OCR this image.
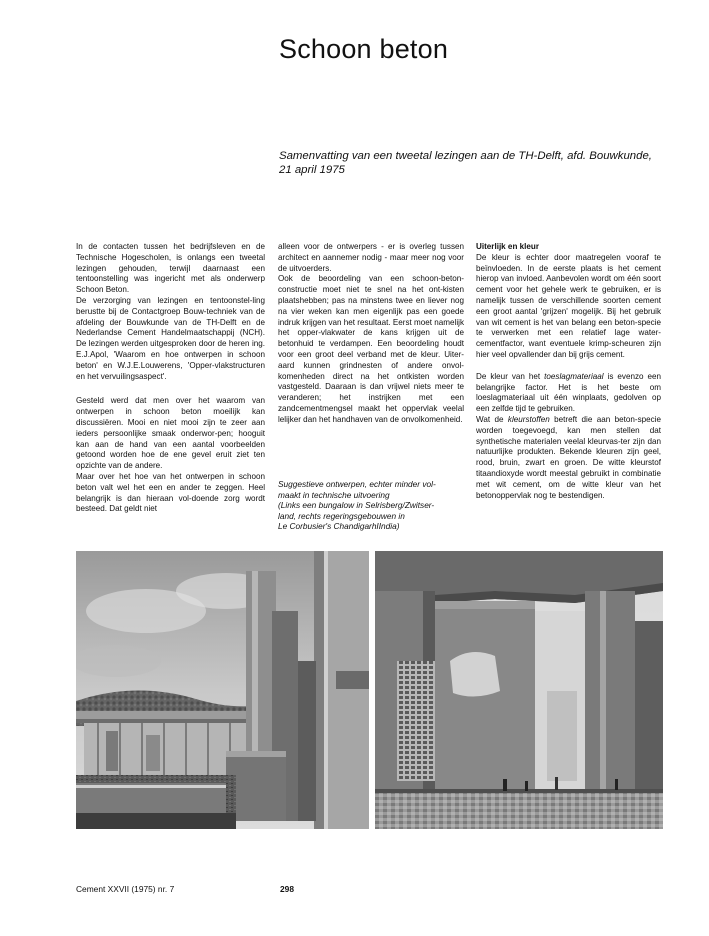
Schoon beton
Samenvatting van een tweetal lezingen aan de TH-Delft, afd. Bouwkunde,
21 april 1975

In de contacten tussen het bedrijfsleven en de Technische Hogescholen, is onlangs een tweetal lezingen gehouden, terwijl daarnaast een tentoonstelling was ingericht met als onderwerp Schoon Beton.

De verzorging van lezingen en tentoonstel-ling berustte bij de Contactgroep Bouw-techniek van de afdeling der Bouwkunde van de TH-Delft en de Nederlandse Cement Handelmaatschappij (NCH). De lezingen werden uitgesproken door de heren ing. E.J.Apol, 'Waarom en hoe ontwerpen in schoon beton' en W.J.E.Louwerens, 'Opper-vlakstructuren en het vervuilingsaspect'.

Gesteld werd dat men over het waarom van ontwerpen in schoon beton moeilijk kan discussiëren. Mooi en niet mooi zijn te zeer aan ieders persoonlijke smaak onderwor-pen; hooguit kan aan de hand van een aantal voorbeelden getoond worden hoe de ene gevel eruit ziet ten opzichte van de andere.

Maar over het hoe van het ontwerpen in schoon beton valt wel het een en ander te zeggen. Heel belangrijk is dan hieraan vol-doende zorg wordt besteed. Dat geldt niet

alleen voor de ontwerpers - er is overleg tussen architect en aannemer nodig - maar meer nog voor de uitvoerders.

Ook de beoordeling van een schoon-beton-constructie moet niet te snel na het ont-kisten plaatshebben; pas na minstens twee en liever nog na vier weken kan men eigenlijk pas een goede indruk krijgen van het resultaat. Eerst moet namelijk het opper-vlakwater de kans krijgen uit de betonhuid te verdampen. Een beoordeling houdt voor een groot deel verband met de kleur. Uiter-aard kunnen grindnesten of andere onvol-komenheden direct na het ontkisten worden vastgesteld. Daaraan is dan vrijwel niets meer te veranderen; het instrijken met een zandcementmengsel maakt het oppervlak veelal lelijker dan het handhaven van de onvolkomenheid.

Suggestieve ontwerpen, echter minder vol-

maakt in technische uitvoering

(Links een bungalow in Selrisberg/Zwitser-

land, rechts regeringsgebouwen in

Le Corbusier's ChandigarhIIndia)

Uiterlijk en kleur

De kleur is echter door maatregelen vooraf te beïnvloeden. In de eerste plaats is het cement hierop van invloed. Aanbevolen wordt om één soort cement voor het gehele werk te gebruiken, er is namelijk tussen de verschillende soorten cement een groot aantal 'grijzen' mogelijk. Bij het gebruik van wit cement is het van belang een beton-specie te verwerken met een relatief lage water-cementfactor, want eventuele krimp-scheuren zijn hier veel opvallender dan bij grijs cement.

De kleur van het toeslagmateriaal is evenzo een belangrijke factor. Het is het beste om loeslagmateriaal uit één winplaats, gedolven op een zelfde tijd te gebruiken.

Wat de kleurstoffen betreft die aan beton-specie worden toegevoegd, kan men stellen dat synthetische materialen veelal kleurvas-ter zijn dan natuurlijke produkten. Bekende kleuren zijn geel, rood, bruin, zwart en groen. De witte kleurstof titaandioxyde wordt meestal gebruikt in combinatie met wit cement, om de witte kleur van het betonoppervlak nog te bestendigen.

Cement XXVII (1975) nr. 7	298
